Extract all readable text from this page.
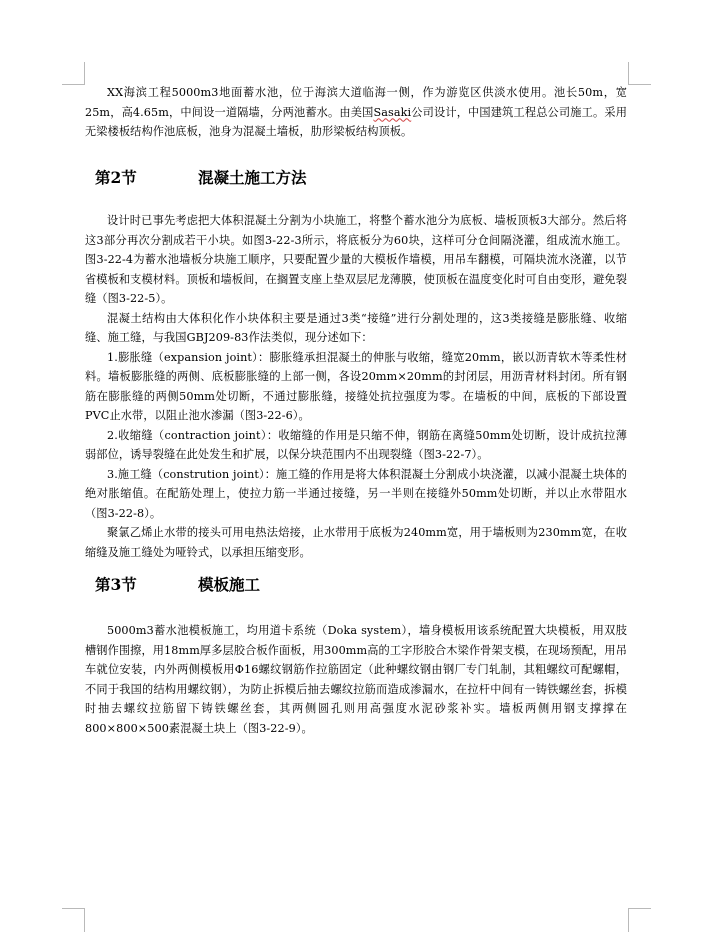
XX海滨工程5000m3地面蓄水池，位于海滨大道临海一侧，作为游览区供淡水使用。池长50m，宽25m，高4.65m，中间设一道隔墙，分两池蓄水。由美国Sasaki公司设计，中国建筑工程总公司施工。采用无梁楼板结构作池底板，池身为混凝土墙板，肋形梁板结构顶板。

第2节	混凝土施工方法

设计时已事先考虑把大体积混凝土分割为小块施工，将整个蓄水池分为底板、墙板顶板3大部分。然后将这3部分再次分割成若干小块。如图3-22-3所示，将底板分为60块，这样可分仓间隔浇灌，组成流水施工。图3-22-4为蓄水池墙板分块施工顺序，只要配置少量的大模板作墙模，用吊车翻模，可隔块流水浇灌，以节省模板和支模材料。顶板和墙板间，在搁置支座上垫双层尼龙薄膜，使顶板在温度变化时可自由变形，避免裂缝（图3-22-5）。

混凝土结构由大体积化作小块体积主要是通过3类“接缝”进行分割处理的，这3类接缝是膨胀缝、收缩缝、施工缝，与我国GBJ209-83作法类似，现分述如下：

1.膨胀缝（expansion joint）：膨胀缝承担混凝土的伸胀与收缩，缝宽20mm，嵌以沥青软木等柔性材料。墙板膨胀缝的两侧、底板膨胀缝的上部一侧，各设20mm×20mm的封闭层，用沥青材料封闭。所有钢筋在膨胀缝的两侧50mm处切断，不通过膨胀缝，接缝处抗拉强度为零。在墙板的中间，底板的下部设置PVC止水带，以阻止池水渗漏（图3-22-6）。

2.收缩缝（contraction joint）：收缩缝的作用是只缩不伸，钢筋在离缝50mm处切断，设计成抗拉薄弱部位，诱导裂缝在此处发生和扩展，以保分块范围内不出现裂缝（图3-22-7）。

3.施工缝（constrution joint）：施工缝的作用是将大体积混凝土分割成小块浇灌，以减小混凝土块体的绝对胀缩值。在配筋处理上，使拉力筋一半通过接缝，另一半则在接缝外50mm处切断，并以止水带阻水（图3-22-8）。

聚氯乙烯止水带的接头可用电热法焙接，止水带用于底板为240mm宽，用于墙板则为230mm宽，在收缩缝及施工缝处为哑铃式，以承担压缩变形。

第3节	模板施工

5000m3蓄水池模板施工，均用道卡系统（Doka system），墙身模板用该系统配置大块模板，用双肢槽钢作围擦，用18mm厚多层胶合板作面板，用300mm高的工字形胶合木梁作骨架支模，在现场预配，用吊车就位安装，内外两侧模板用Φ16螺纹钢筋作拉筋固定（此种螺纹钢由钢厂专门轧制，其粗螺纹可配螺帽，不同于我国的结构用螺纹钢），为防止拆模后抽去螺纹拉筋而造成渗漏水，在拉杆中间有一铸铁螺丝套，拆模时抽去螺纹拉筋留下铸铁螺丝套，其两侧圆孔则用高强度水泥砂浆补实。墙板两侧用钢支撑撑在800×800×500素混凝土块上（图3-22-9）。
